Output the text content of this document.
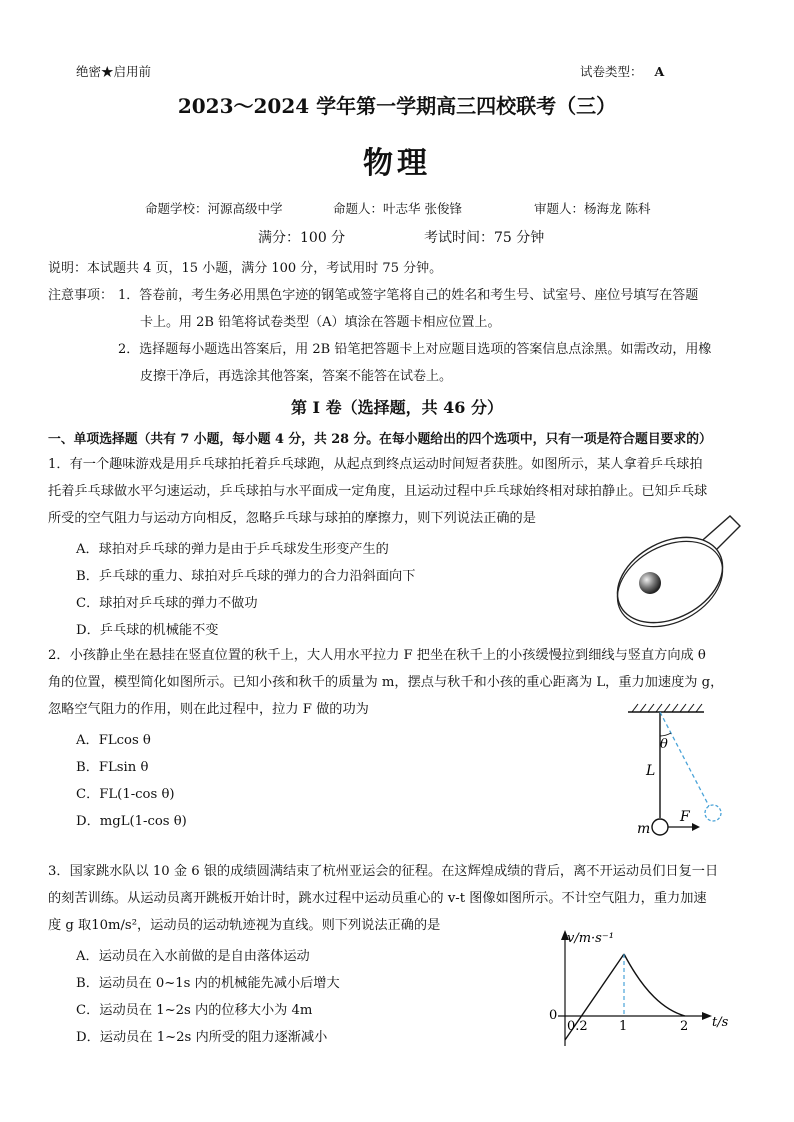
绝密★启用前	试卷类型： A
2023～2024 学年第一学期高三四校联考（三）
物理
命题学校：河源高级中学	命题人：叶志华 张俊锋	审题人：杨海龙 陈科
满分：100 分	考试时间：75 分钟
说明：本试题共 4 页，15 小题，满分 100 分，考试用时 75 分钟。
注意事项： 1．答卷前，考生务必用黑色字迹的钢笔或签字笔将自己的姓名和考生号、试室号、座位号填写在答题
卡上。用 2B 铅笔将试卷类型（A）填涂在答题卡相应位置上。
2．选择题每小题选出答案后，用 2B 铅笔把答题卡上对应题目选项的答案信息点涂黑。如需改动，用橡
皮擦干净后，再选涂其他答案，答案不能答在试卷上。
第 I 卷（选择题，共 46 分）
一、单项选择题（共有 7 小题，每小题 4 分，共 28 分。在每小题给出的四个选项中，只有一项是符合题目要求的）
1．有一个趣味游戏是用乒乓球拍托着乒乓球跑，从起点到终点运动时间短者获胜。如图所示，某人拿着乒乓球拍
托着乒乓球做水平匀速运动，乒乓球拍与水平面成一定角度，且运动过程中乒乓球始终相对球拍静止。已知乒乓球
所受的空气阻力与运动方向相反，忽略乒乓球与球拍的摩擦力，则下列说法正确的是
A．球拍对乒乓球的弹力是由于乒乓球发生形变产生的
B．乒乓球的重力、球拍对乒乓球的弹力的合力沿斜面向下
C．球拍对乒乓球的弹力不做功
D．乒乓球的机械能不变
2．小孩静止坐在悬挂在竖直位置的秋千上，大人用水平拉力 F 把坐在秋千上的小孩缓慢拉到细线与竖直方向成 θ
角的位置，模型简化如图所示。已知小孩和秋千的质量为 m，摆点与秋千和小孩的重心距离为 L，重力加速度为 g，
忽略空气阻力的作用，则在此过程中，拉力 F 做的功为
A．FLcos θ
B．FLsin θ
C．FL(1-cos θ)
D．mgL(1-cos θ)
θ
L
m
F
3．国家跳水队以 10 金 6 银的成绩圆满结束了杭州亚运会的征程。在这辉煌成绩的背后，离不开运动员们日复一日
的刻苦训练。从运动员离开跳板开始计时，跳水过程中运动员重心的 v-t 图像如图所示。不计空气阻力，重力加速
度 g 取10m/s²，运动员的运动轨迹视为直线。则下列说法正确的是
A．运动员在入水前做的是自由落体运动
B．运动员在 0~1s 内的机械能先减小后增大
C．运动员在 1~2s 内的位移大小为 4m
D．运动员在 1~2s 内所受的阻力逐渐减小
v/m·s⁻¹
t/s
0
0.2 1	2
